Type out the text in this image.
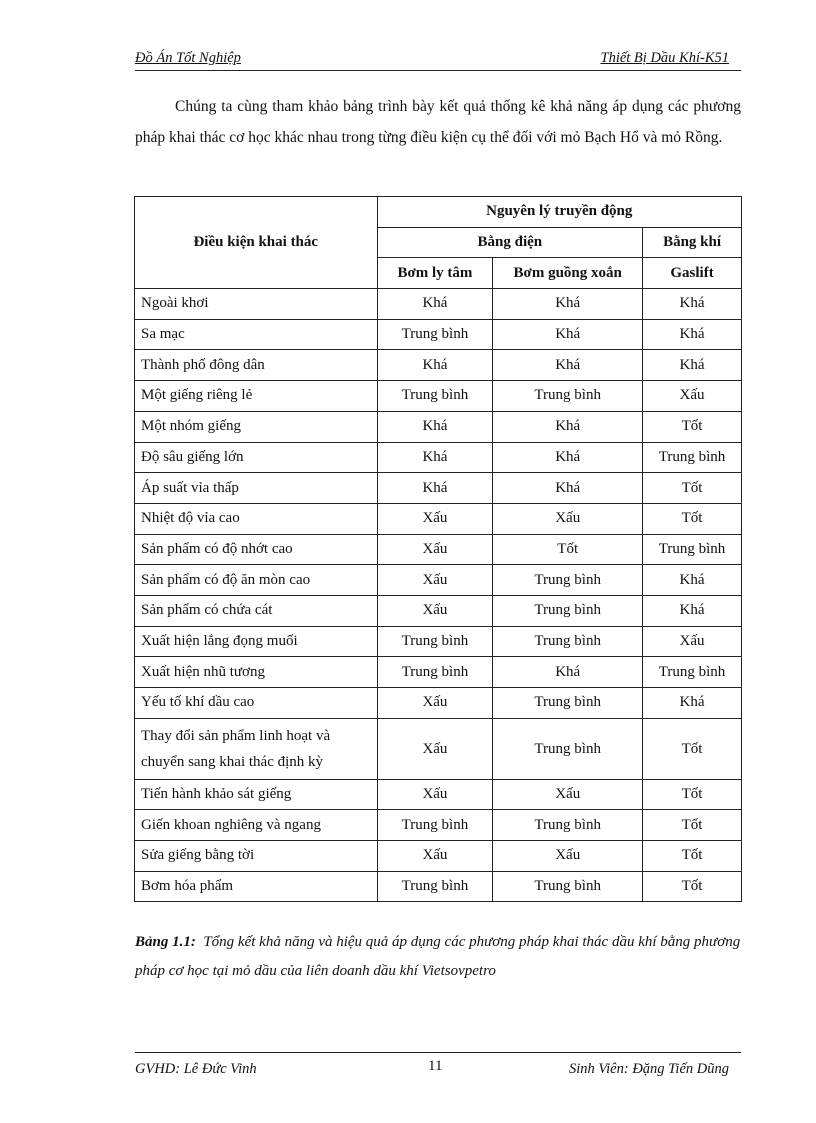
Đồ Án Tốt Nghiệp	Thiết Bị Dầu Khí-K51

Chúng ta cùng tham khảo bảng trình bày kết quả thống kê khả năng áp dụng các phương pháp khai thác cơ học khác nhau trong từng điều kiện cụ thể đối với mỏ Bạch Hổ và mỏ Rồng.

Điều kiện khai thác	Nguyên lý truyền động		
	Bằng điện		Bằng khí
	Bơm ly tâm	Bơm guồng xoắn	Gaslift
Ngoài khơi	Khá	Khá	Khá
Sa mạc	Trung bình	Khá	Khá
Thành phố đông dân	Khá	Khá	Khá
Một giếng riêng lẻ	Trung bình	Trung bình	Xấu
Một nhóm giếng	Khá	Khá	Tốt
Độ sâu giếng lớn	Khá	Khá	Trung bình
Áp suất vỉa thấp	Khá	Khá	Tốt
Nhiệt độ vỉa cao	Xấu	Xấu	Tốt
Sản phẩm có độ nhớt cao	Xấu	Tốt	Trung bình
Sản phẩm có độ ăn mòn cao	Xấu	Trung bình	Khá
Sản phẩm có chứa cát	Xấu	Trung bình	Khá
Xuất hiện lắng đọng muối	Trung bình	Trung bình	Xấu
Xuất hiện nhũ tương	Trung bình	Khá	Trung bình
Yếu tố khí dầu cao	Xấu	Trung bình	Khá
Thay đổi sản phẩm linh hoạt và chuyển sang khai thác định kỳ	Xấu	Trung bình	Tốt
Tiến hành khảo sát giếng	Xấu	Xấu	Tốt
Giến khoan nghiêng và ngang	Trung bình	Trung bình	Tốt
Sửa giếng bằng tời	Xấu	Xấu	Tốt
Bơm hóa phẩm	Trung bình	Trung bình	Tốt

Bảng 1.1: Tổng kết khả năng và hiệu quả áp dụng các phương pháp khai thác dầu khí bằng phương pháp cơ học tại mỏ dầu của liên doanh dầu khí Vietsovpetro

GVHD: Lê Đức Vinh	11	Sinh Viên: Đặng Tiến Dũng
